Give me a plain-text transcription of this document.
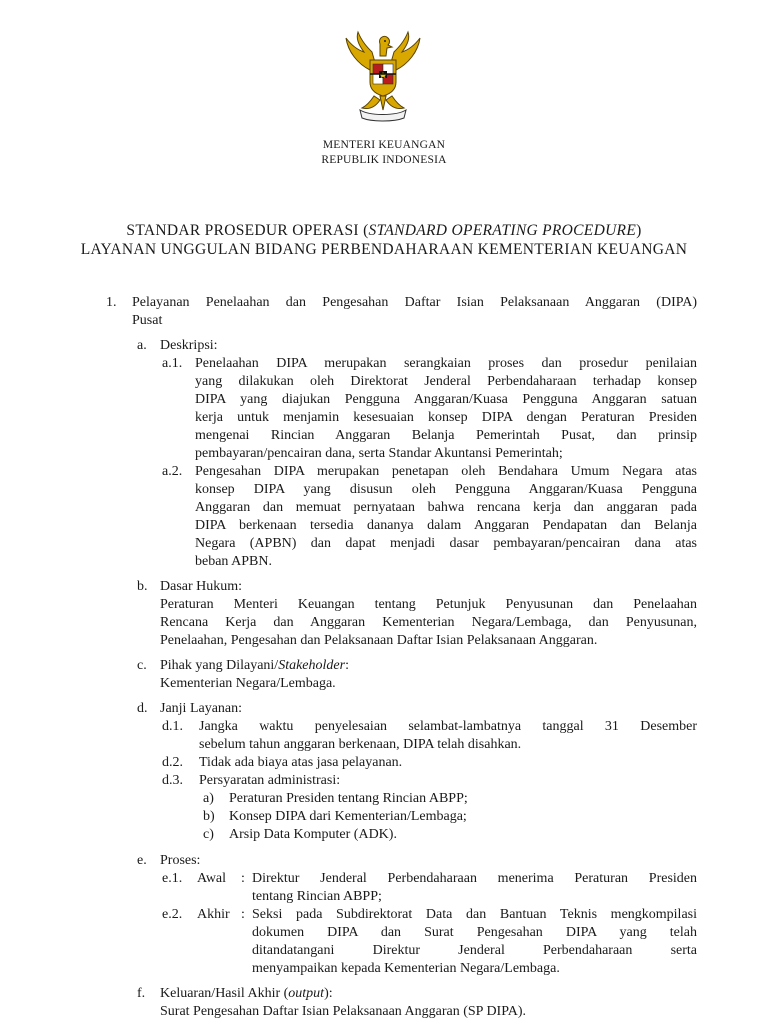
MENTERI KEUANGAN
REPUBLIK INDONESIA
STANDAR PROSEDUR OPERASI (STANDARD OPERATING PROCEDURE)
LAYANAN UNGGULAN BIDANG PERBENDAHARAAN KEMENTERIAN KEUANGAN
1. Pelayanan Penelaahan dan Pengesahan Daftar Isian Pelaksanaan Anggaran (DIPA)
Pusat
a. Deskripsi:
a.1. Penelaahan DIPA merupakan serangkaian proses dan prosedur penilaian
yang dilakukan oleh Direktorat Jenderal Perbendaharaan terhadap konsep
DIPA yang diajukan Pengguna Anggaran/Kuasa Pengguna Anggaran satuan
kerja untuk menjamin kesesuaian konsep DIPA dengan Peraturan Presiden
mengenai Rincian Anggaran Belanja Pemerintah Pusat, dan prinsip
pembayaran/pencairan dana, serta Standar Akuntansi Pemerintah;
a.2. Pengesahan DIPA merupakan penetapan oleh Bendahara Umum Negara atas
konsep DIPA yang disusun oleh Pengguna Anggaran/Kuasa Pengguna
Anggaran dan memuat pernyataan bahwa rencana kerja dan anggaran pada
DIPA berkenaan tersedia dananya dalam Anggaran Pendapatan dan Belanja
Negara (APBN) dan dapat menjadi dasar pembayaran/pencairan dana atas
beban APBN.
b. Dasar Hukum:
Peraturan Menteri Keuangan tentang Petunjuk Penyusunan dan Penelaahan
Rencana Kerja dan Anggaran Kementerian Negara/Lembaga, dan Penyusunan,
Penelaahan, Pengesahan dan Pelaksanaan Daftar Isian Pelaksanaan Anggaran.
c. Pihak yang Dilayani/Stakeholder:
Kementerian Negara/Lembaga.
d. Janji Layanan:
d.1. Jangka waktu penyelesaian selambat-lambatnya tanggal 31 Desember
sebelum tahun anggaran berkenaan, DIPA telah disahkan.
d.2. Tidak ada biaya atas jasa pelayanan.
d.3. Persyaratan administrasi:
a) Peraturan Presiden tentang Rincian ABPP;
b) Konsep DIPA dari Kementerian/Lembaga;
c) Arsip Data Komputer (ADK).
e. Proses:
e.1. Awal : Direktur Jenderal Perbendaharaan menerima Peraturan Presiden
tentang Rincian ABPP;
e.2. Akhir : Seksi pada Subdirektorat Data dan Bantuan Teknis mengkompilasi
dokumen DIPA dan Surat Pengesahan DIPA yang telah
ditandatangani Direktur Jenderal Perbendaharaan serta
menyampaikan kepada Kementerian Negara/Lembaga.
f. Keluaran/Hasil Akhir (output):
Surat Pengesahan Daftar Isian Pelaksanaan Anggaran (SP DIPA).
